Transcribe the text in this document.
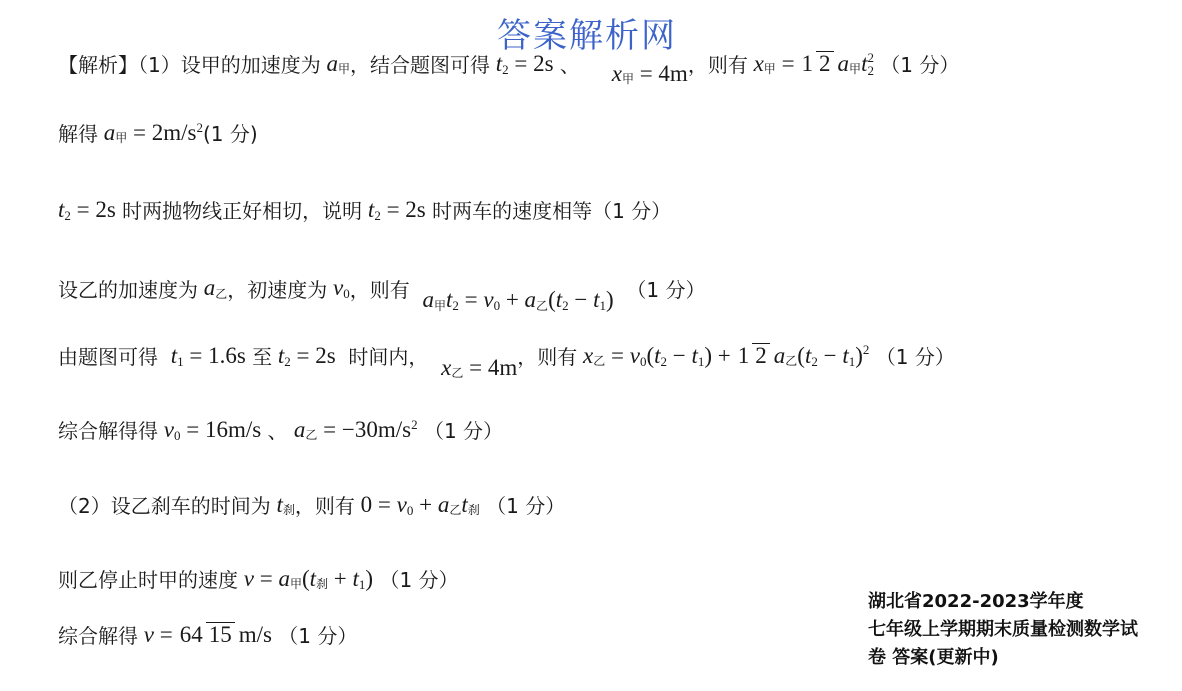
答案解析网
【解析】（1）设甲的加速度为 a 甲 ，结合题图可得 t 2 = 2s 、 x 甲 = 4m ，则有 x 甲 = 1 2 a 甲 t 2
2 （1 分）
解得 a 甲 = 2m/s 2 (1 分)
t 2 = 2s 时两抛物线正好相切，说明 t 2 = 2s 时两车的速度相等（1 分）
设乙的加速度为 a 乙 ，初速度为 v 0 ，则有 a 甲 t 2 = v 0 + a 乙 ( t 2 − t 1 ) （1 分）
由题图可得 t 1 = 1.6s 至 t 2 = 2s 时间内， x 乙 = 4m ，则有 x 乙 = v 0 ( t 2 − t 1 ) + 1 2 a 乙 ( t 2 − t 1 ) 2 （1 分）
综合解得得 v 0 = 16m/s 、 a 乙 = −30m/s 2 （1 分）
（2）设乙刹车的时间为 t 刹 ，则有 0 = v 0 + a 乙 t 刹 （1 分）
则乙停止时甲的速度 v = a 甲 ( t 刹 + t 1 ) （1 分）
综合解得 v = 64 15 m/s （1 分）
湖北省2022-2023学年度
七年级上学期期末质量检测数学试
卷 答案(更新中)
